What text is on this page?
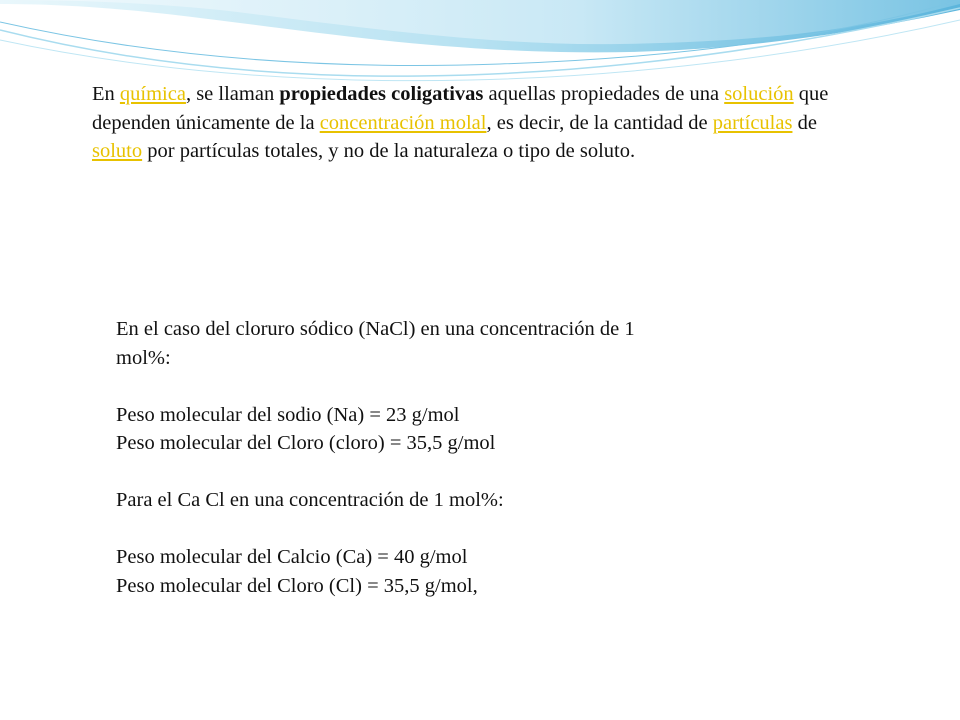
En química, se llaman propiedades coligativas aquellas propiedades de una solución que dependen únicamente de la concentración molal, es decir, de la cantidad de partículas de soluto por partículas totales, y no de la naturaleza o tipo de soluto.

En el caso del cloruro sódico (NaCl) en una concentración de 1
mol%:
Peso molecular del sodio (Na) = 23 g/mol
Peso molecular del Cloro (cloro) = 35,5 g/mol
Para el Ca Cl en una concentración de 1 mol%:
Peso molecular del Calcio (Ca) = 40 g/mol
Peso molecular del Cloro (Cl) = 35,5 g/mol,
